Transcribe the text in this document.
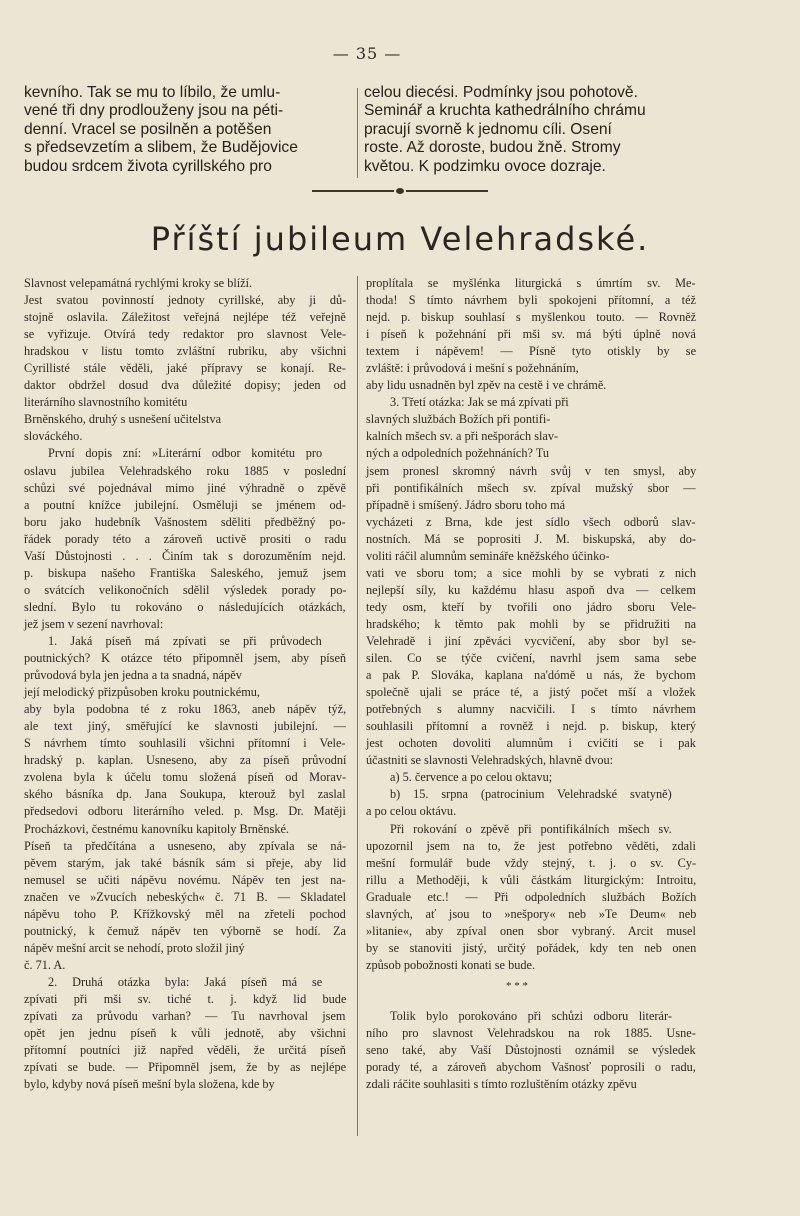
— 35 —

kevního. Tak se mu to líbilo, že umlu-

vené tři dny prodlouženy jsou na péti-

denní. Vracel se posilněn a potěšen

s předsevzetím a slibem, že Budějovice

budou srdcem života cyrillského pro

celou diecési. Podmínky jsou pohotově.

Seminář a kruchta kathedrálního chrámu

pracují svorně k jednomu cíli. Osení

roste. Až doroste, budou žně. Stromy

květou. K podzimku ovoce dozraje.

Příští jubileum Velehradské.
Slavnost velepamátná rychlými kroky se blíží.
Jest svatou povinností jednoty cyrillské, aby ji dů-
stojně oslavila. Záležitost veřejná nejlépe též veřejně
se vyřizuje. Otvírá tedy redaktor pro slavnost Vele-
hradskou v listu tomto zvláštní rubriku, aby všichni
Cyrillisté stále věděli, jaké přípravy se konají. Re-
daktor obdržel dosud dva důležité dopisy; jeden od
literárního slavnostního komitétu
Brněnského, druhý s usnešení učitelstva
slováckého.
První dopis zní: »Literární odbor komitétu pro
oslavu jubilea Velehradského roku 1885 v poslední
schůzi své pojednával mimo jiné výhradně o zpěvě
a poutní knížce jubilejní. Osměluji se jménem od-
boru jako hudebník Vašnostem sděliti předběžný po-
řádek porady této a zároveň uctivě prositi o radu
Vaší Důstojnosti . . . Činím tak s dorozuměním nejd.
p. biskupa našeho Františka Saleského, jemuž jsem
o svátcích velikonočních sdělil výsledek porady po-
slední. Bylo tu rokováno o následujících otázkách,
jež jsem v sezení navrhoval:
1. Jaká píseň má zpívati se při průvodech
poutnických? K otázce této připomněl jsem, aby píseň
průvodová byla jen jedna a ta snadná, nápěv
její melodický přizpůsoben kroku poutnickému,
aby byla podobna té z roku 1863, aneb nápěv týž,
ale text jiný, směřující ke slavnosti jubilejní. —
S návrhem tímto souhlasili všichni přítomní i Vele-
hradský p. kaplan. Usneseno, aby za píseň průvodní
zvolena byla k účelu tomu složená píseň od Morav-
ského básníka dp. Jana Soukupa, kterouž byl zaslal
předsedovi odboru literárního veled. p. Msg. Dr. Matěji
Procházkovi, čestnému kanovníku kapitoly Brněnské.
Píseň ta předčítána a usneseno, aby zpívala se ná-
pěvem starým, jak také básník sám si přeje, aby lid
nemusel se učiti nápěvu novému. Nápěv ten jest na-
značen ve »Zvucích nebeských« č. 71 B. — Skladatel
nápěvu toho P. Křížkovský měl na zřeteli pochod
poutnický, k čemuž nápěv ten výborně se hodí. Za
nápěv mešní arcit se nehodí, proto složil jiný
č. 71. A.
2. Druhá otázka byla: Jaká píseň má se
zpívati při mši sv. tiché t. j. když lid bude
zpívati za průvodu varhan? — Tu navrhoval jsem
opět jen jednu píseň k vůli jednotě, aby všichni
přítomní poutníci již napřed věděli, že určitá píseň
zpívati se bude. — Připomněl jsem, že by as nejlépe
bylo, kdyby nová píseň mešní byla složena, kde by
proplítala se myšlénka liturgická s úmrtím sv. Me-
thoda! S tímto návrhem byli spokojeni přítomní, a též
nejd. p. biskup souhlasí s myšlenkou touto. — Rovněž
i píseň k požehnání při mši sv. má býti úplně nová
textem i nápěvem! — Písně tyto otiskly by se
zvláště: i průvodová i mešní s požehnáním,
aby lidu usnadněn byl zpěv na cestě i ve chrámě.
3. Třetí otázka: Jak se má zpívati při
slavných službách Božích při pontifi-
kalních mšech sv. a při nešporách slav-
ných a odpoledních požehnáních? Tu
jsem pronesl skromný návrh svůj v ten smysl, aby
při pontifikálních mšech sv. zpíval mužský sbor —
případně i smíšený. Jádro sboru toho má
vycházeti z Brna, kde jest sídlo všech odborů slav-
nostních. Má se poprositi J. M. biskupská, aby do-
voliti ráčil alumnům semináře kněžského účinko-
vati ve sboru tom; a sice mohli by se vybrati z nich
nejlepší síly, ku každému hlasu aspoň dva — celkem
tedy osm, kteří by tvořili ono jádro sboru Vele-
hradského; k těmto pak mohli by se přidružiti na
Velehradě i jiní zpěváci vycvičení, aby sbor byl se-
silen. Co se týče cvičení, navrhl jsem sama sebe
a pak P. Slováka, kaplana na'dómě u nás, že bychom
společně ujali se práce té, a jistý počet mší a vložek
potřebných s alumny nacvičili. I s tímto návrhem
souhlasili přítomní a rovněž i nejd. p. biskup, který
jest ochoten dovoliti alumnům i cvičiti se i pak
účastniti se slavnosti Velehradských, hlavně dvou:
a) 5. července a po celou oktavu;
b) 15. srpna (patrocinium Velehradské svatyně)
a po celou oktávu.
Při rokování o zpěvě při pontifikálních mšech sv.
upozornil jsem na to, že jest potřebno věděti, zdali
mešní formulář bude vždy stejný, t. j. o sv. Cy-
rillu a Methoději, k vůli částkám liturgickým: Introitu,
Graduale etc.! — Při odpoledních službách Božích
slavných, ať jsou to »nešpory« neb »Te Deum« neb
»litanie«, aby zpíval onen sbor vybraný. Arcit musel
by se stanoviti jistý, určitý pořádek, kdy ten neb onen
způsob pobožnosti konati se bude.
* * *
Tolik bylo porokováno při schůzi odboru literár-
ního pro slavnost Velehradskou na rok 1885. Usne-
seno také, aby Vaší Důstojnosti oznámil se výsledek
porady té, a zároveň abychom Vašnosť poprosili o radu,
zdali ráčite souhlasiti s tímto rozluštěním otázky zpěvu
